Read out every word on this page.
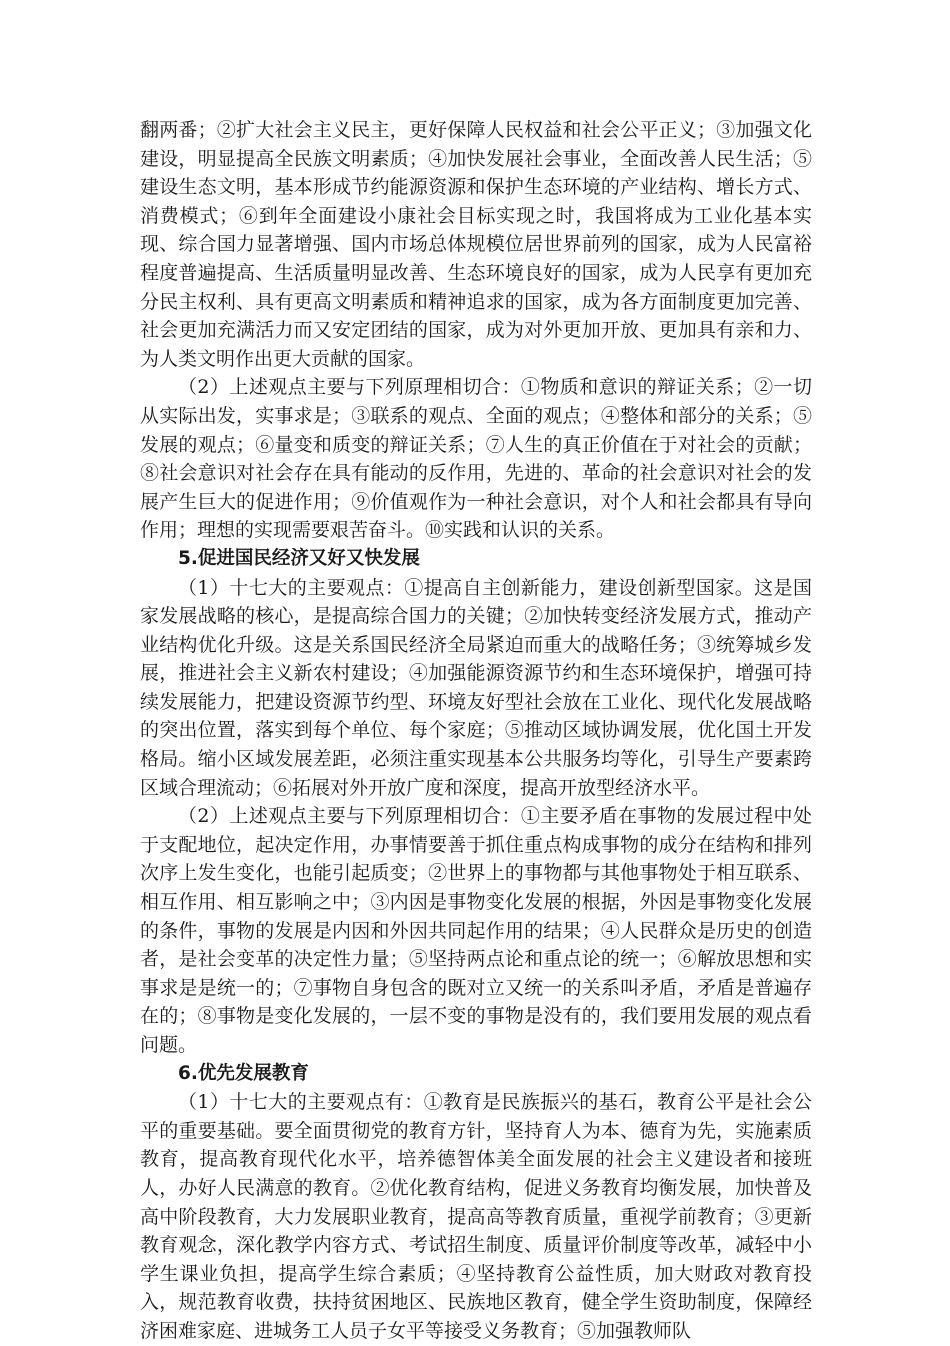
翻两番；②扩大社会主义民主，更好保障人民权益和社会公平正义；③加强文化建设，明显提高全民族文明素质；④加快发展社会事业，全面改善人民生活；⑤建设生态文明，基本形成节约能源资源和保护生态环境的产业结构、增长方式、消费模式；⑥到年全面建设小康社会目标实现之时，我国将成为工业化基本实现、综合国力显著增强、国内市场总体规模位居世界前列的国家，成为人民富裕程度普遍提高、生活质量明显改善、生态环境良好的国家，成为人民享有更加充分民主权利、具有更高文明素质和精神追求的国家，成为各方面制度更加完善、社会更加充满活力而又安定团结的国家，成为对外更加开放、更加具有亲和力、为人类文明作出更大贡献的国家。

（2）上述观点主要与下列原理相切合：①物质和意识的辩证关系；②一切从实际出发，实事求是；③联系的观点、全面的观点；④整体和部分的关系；⑤发展的观点；⑥量变和质变的辩证关系；⑦人生的真正价值在于对社会的贡献；⑧社会意识对社会存在具有能动的反作用，先进的、革命的社会意识对社会的发展产生巨大的促进作用；⑨价值观作为一种社会意识，对个人和社会都具有导向作用；理想的实现需要艰苦奋斗。⑩实践和认识的关系。

5.促进国民经济又好又快发展

（1）十七大的主要观点：①提高自主创新能力，建设创新型国家。这是国家发展战略的核心，是提高综合国力的关键；②加快转变经济发展方式，推动产业结构优化升级。这是关系国民经济全局紧迫而重大的战略任务；③统筹城乡发展，推进社会主义新农村建设；④加强能源资源节约和生态环境保护，增强可持续发展能力，把建设资源节约型、环境友好型社会放在工业化、现代化发展战略的突出位置，落实到每个单位、每个家庭；⑤推动区域协调发展，优化国土开发格局。缩小区域发展差距，必须注重实现基本公共服务均等化，引导生产要素跨区域合理流动；⑥拓展对外开放广度和深度，提高开放型经济水平。

（2）上述观点主要与下列原理相切合：①主要矛盾在事物的发展过程中处于支配地位，起决定作用，办事情要善于抓住重点构成事物的成分在结构和排列次序上发生变化，也能引起质变；②世界上的事物都与其他事物处于相互联系、相互作用、相互影响之中；③内因是事物变化发展的根据，外因是事物变化发展的条件，事物的发展是内因和外因共同起作用的结果；④人民群众是历史的创造者，是社会变革的决定性力量；⑤坚持两点论和重点论的统一；⑥解放思想和实事求是是统一的；⑦事物自身包含的既对立又统一的关系叫矛盾，矛盾是普遍存在的；⑧事物是变化发展的，一层不变的事物是没有的，我们要用发展的观点看问题。

6.优先发展教育

（1）十七大的主要观点有：①教育是民族振兴的基石，教育公平是社会公平的重要基础。要全面贯彻党的教育方针，坚持育人为本、德育为先，实施素质教育，提高教育现代化水平，培养德智体美全面发展的社会主义建设者和接班人，办好人民满意的教育。②优化教育结构，促进义务教育均衡发展，加快普及高中阶段教育，大力发展职业教育，提高高等教育质量，重视学前教育；③更新教育观念，深化教学内容方式、考试招生制度、质量评价制度等改革，减轻中小学生课业负担，提高学生综合素质；④坚持教育公益性质，加大财政对教育投入，规范教育收费，扶持贫困地区、民族地区教育，健全学生资助制度，保障经济困难家庭、进城务工人员子女平等接受义务教育；⑤加强教师队
